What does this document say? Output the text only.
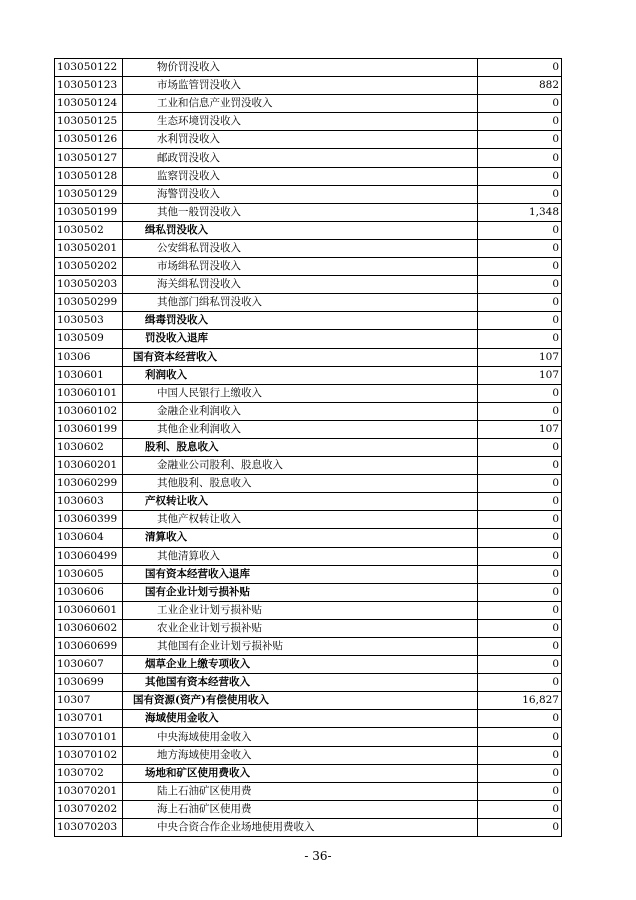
103050122	物价罚没收入	0
103050123	市场监管罚没收入	882
103050124	工业和信息产业罚没收入	0
103050125	生态环境罚没收入	0
103050126	水利罚没收入	0
103050127	邮政罚没收入	0
103050128	监察罚没收入	0
103050129	海警罚没收入	0
103050199	其他一般罚没收入	1,348
1030502	缉私罚没收入	0
103050201	公安缉私罚没收入	0
103050202	市场缉私罚没收入	0
103050203	海关缉私罚没收入	0
103050299	其他部门缉私罚没收入	0
1030503	缉毒罚没收入	0
1030509	罚没收入退库	0
10306	国有资本经营收入	107
1030601	利润收入	107
103060101	中国人民银行上缴收入	0
103060102	金融企业利润收入	0
103060199	其他企业利润收入	107
1030602	股利、股息收入	0
103060201	金融业公司股利、股息收入	0
103060299	其他股利、股息收入	0
1030603	产权转让收入	0
103060399	其他产权转让收入	0
1030604	清算收入	0
103060499	其他清算收入	0
1030605	国有资本经营收入退库	0
1030606	国有企业计划亏损补贴	0
103060601	工业企业计划亏损补贴	0
103060602	农业企业计划亏损补贴	0
103060699	其他国有企业计划亏损补贴	0
1030607	烟草企业上缴专项收入	0
1030699	其他国有资本经营收入	0
10307	国有资源(资产)有偿使用收入	16,827
1030701	海域使用金收入	0
103070101	中央海域使用金收入	0
103070102	地方海域使用金收入	0
1030702	场地和矿区使用费收入	0
103070201	陆上石油矿区使用费	0
103070202	海上石油矿区使用费	0
103070203	中央合资合作企业场地使用费收入	0
- 36-
